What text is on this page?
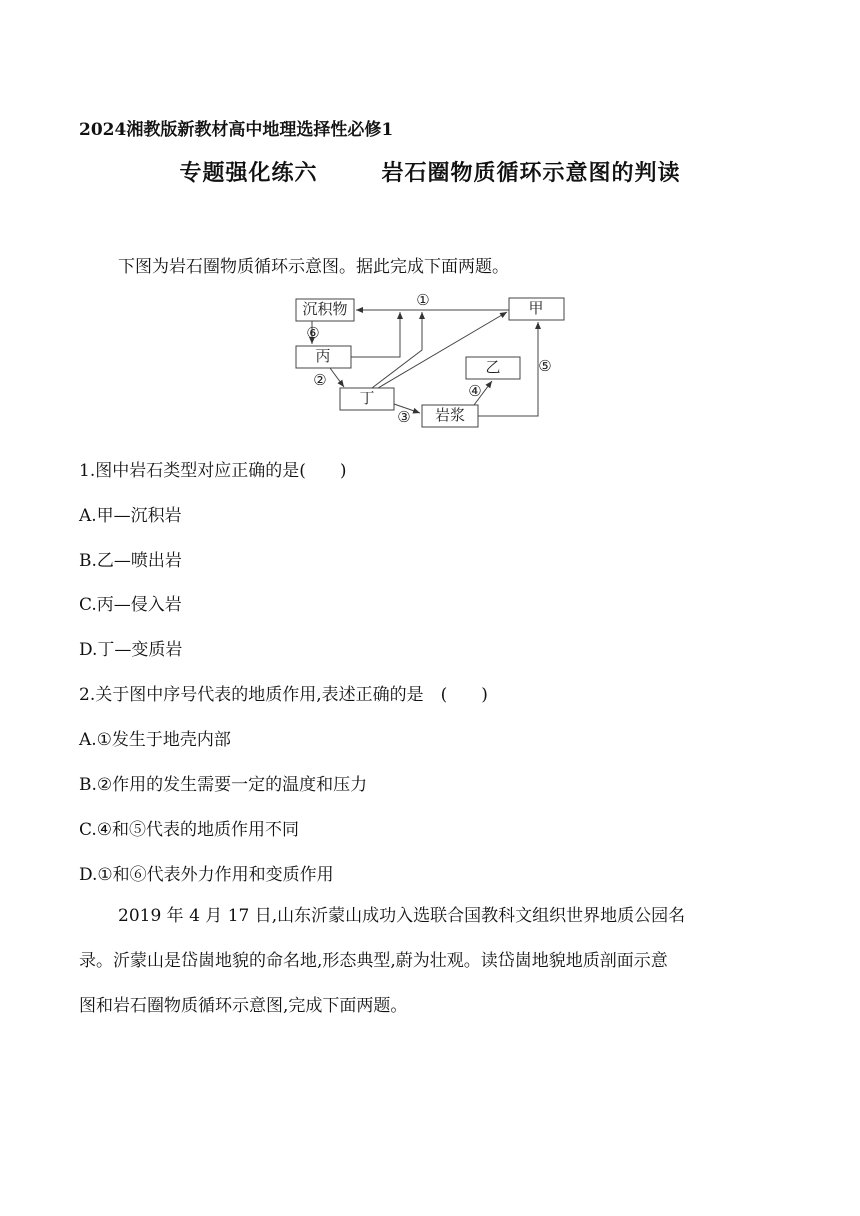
2024湘教版新教材高中地理选择性必修1
专题强化练六	岩石圈物质循环示意图的判读
下图为岩石圈物质循环示意图。据此完成下面两题。
沉积物	甲
丙
乙
丁
岩浆
①
⑥
②
③
④
⑤
1.图中岩石类型对应正确的是(　　)
A.甲—沉积岩
B.乙—喷出岩
C.丙—侵入岩
D.丁—变质岩
2.关于图中序号代表的地质作用,表述正确的是　(　　)
A.①发生于地壳内部
B.②作用的发生需要一定的温度和压力
C.④和⑤代表的地质作用不同
D.①和⑥代表外力作用和变质作用

2019 年 4 月 17 日,山东沂蒙山成功入选联合国教科文组织世界地质公园名

录。沂蒙山是岱崮地貌的命名地,形态典型,蔚为壮观。读岱崮地貌地质剖面示意

图和岩石圈物质循环示意图,完成下面两题。
